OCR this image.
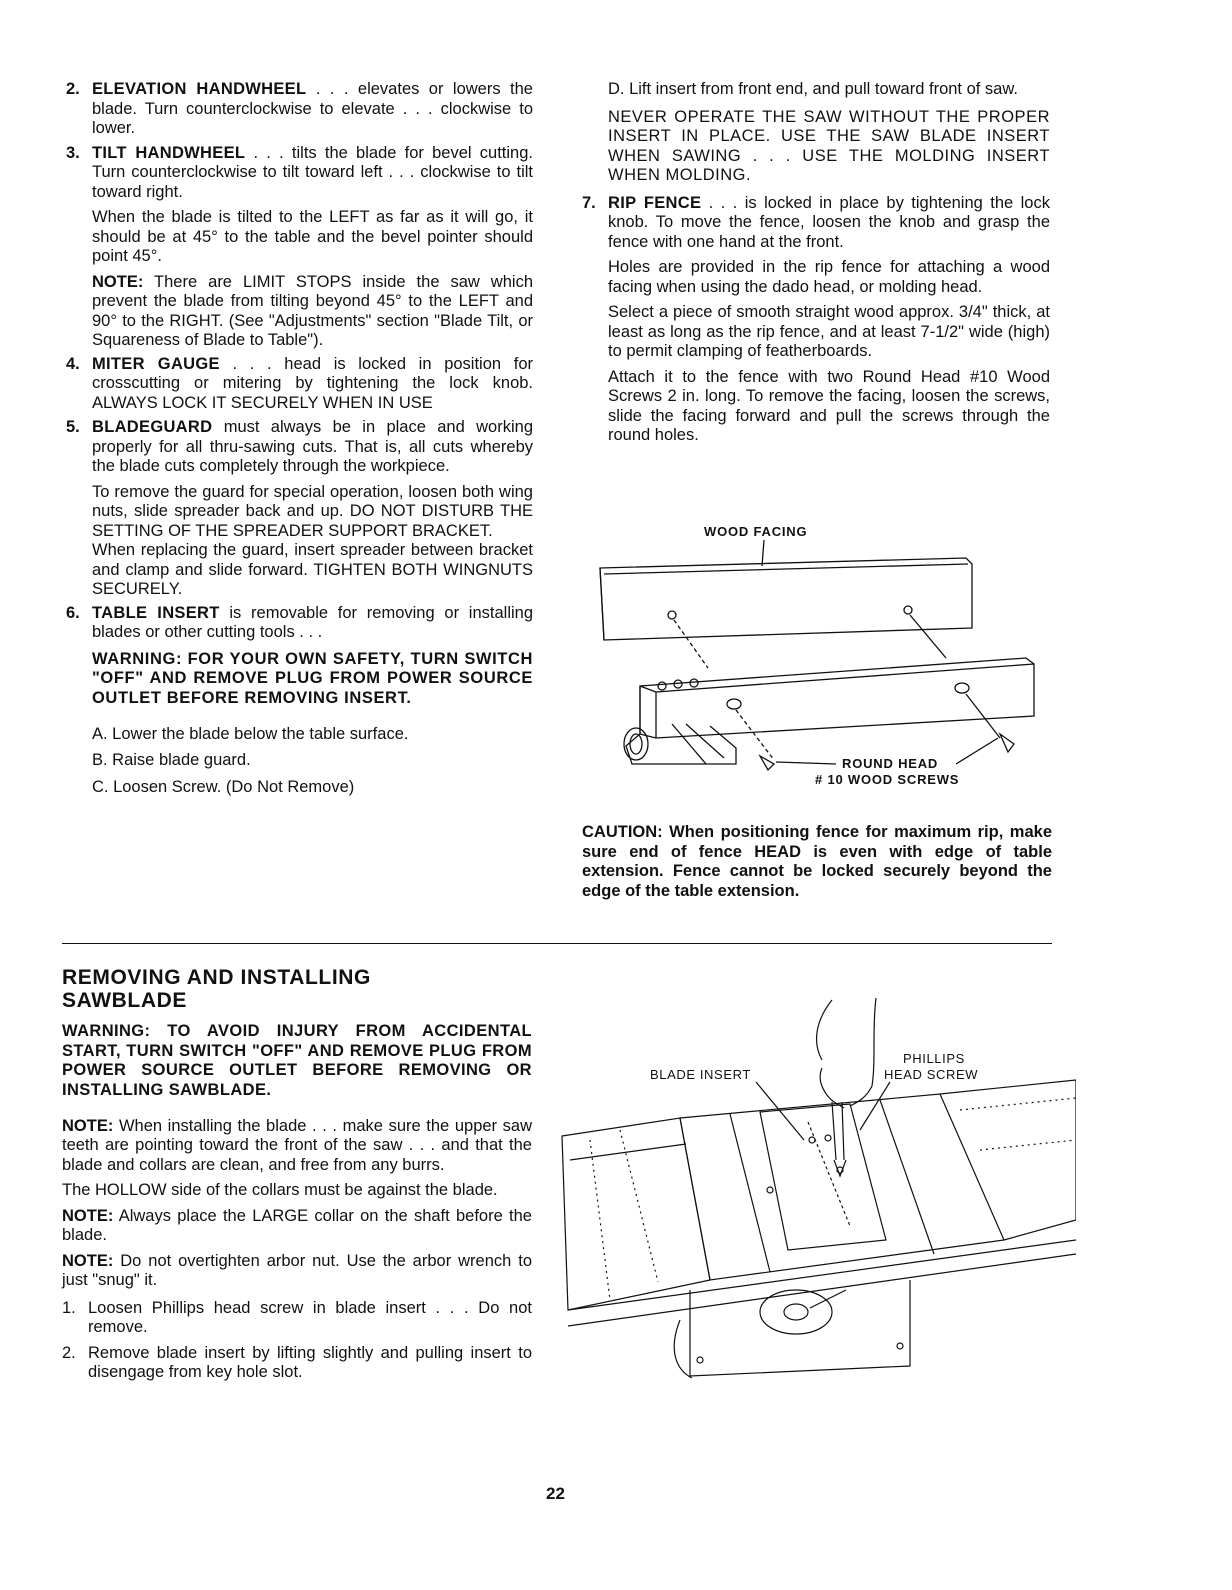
2. ELEVATION HANDWHEEL . . . elevates or lowers the blade. Turn counterclockwise to elevate . . . clockwise to lower.
3. TILT HANDWHEEL . . . tilts the blade for bevel cutting. Turn counterclockwise to tilt toward left . . . clockwise to tilt toward right.

When the blade is tilted to the LEFT as far as it will go, it should be at 45° to the table and the bevel pointer should point 45°.

NOTE: There are LIMIT STOPS inside the saw which prevent the blade from tilting beyond 45° to the LEFT and 90° to the RIGHT. (See "Adjustments" section "Blade Tilt, or Squareness of Blade to Table").

4. MITER GAUGE . . . head is locked in position for crosscutting or mitering by tightening the lock knob. ALWAYS LOCK IT SECURELY WHEN IN USE
5. BLADEGUARD must always be in place and working properly for all thru-sawing cuts. That is, all cuts whereby the blade cuts completely through the workpiece.

To remove the guard for special operation, loosen both wing nuts, slide spreader back and up. DO NOT DISTURB THE SETTING OF THE SPREADER SUPPORT BRACKET.

When replacing the guard, insert spreader between bracket and clamp and slide forward. TIGHTEN BOTH WINGNUTS SECURELY.

6. TABLE INSERT is removable for removing or installing blades or other cutting tools . . .

WARNING: FOR YOUR OWN SAFETY, TURN SWITCH "OFF" AND REMOVE PLUG FROM POWER SOURCE OUTLET BEFORE REMOVING INSERT.

A. Lower the blade below the table surface.

B. Raise blade guard.

C. Loosen Screw. (Do Not Remove)

D. Lift insert from front end, and pull toward front of saw.

NEVER OPERATE THE SAW WITHOUT THE PROPER INSERT IN PLACE. USE THE SAW BLADE INSERT WHEN SAWING . . . USE THE MOLDING INSERT WHEN MOLDING.

7. RIP FENCE . . . is locked in place by tightening the lock knob. To move the fence, loosen the knob and grasp the fence with one hand at the front.

Holes are provided in the rip fence for attaching a wood facing when using the dado head, or molding head.

Select a piece of smooth straight wood approx. 3/4" thick, at least as long as the rip fence, and at least 7-1/2" wide (high) to permit clamping of featherboards.

Attach it to the fence with two Round Head #10 Wood Screws 2 in. long. To remove the facing, loosen the screws, slide the facing forward and pull the screws through the round holes.

WOOD FACING
ROUND HEAD
# 10 WOOD SCREWS

CAUTION: When positioning fence for maximum rip, make sure end of fence HEAD is even with edge of table extension. Fence cannot be locked securely beyond the edge of the table extension.

REMOVING AND INSTALLING
SAWBLADE

WARNING: TO AVOID INJURY FROM ACCIDENTAL START, TURN SWITCH "OFF" AND REMOVE PLUG FROM POWER SOURCE OUTLET BEFORE REMOVING OR INSTALLING SAWBLADE.

NOTE: When installing the blade . . . make sure the upper saw teeth are pointing toward the front of the saw . . . and that the blade and collars are clean, and free from any burrs.

The HOLLOW side of the collars must be against the blade.

NOTE: Always place the LARGE collar on the shaft before the blade.

NOTE: Do not overtighten arbor nut. Use the arbor wrench to just "snug" it.

1. Loosen Phillips head screw in blade insert . . . Do not remove.
2. Remove blade insert by lifting slightly and pulling insert to disengage from key hole slot.
BLADE INSERT
PHILLIPS
HEAD SCREW
22
